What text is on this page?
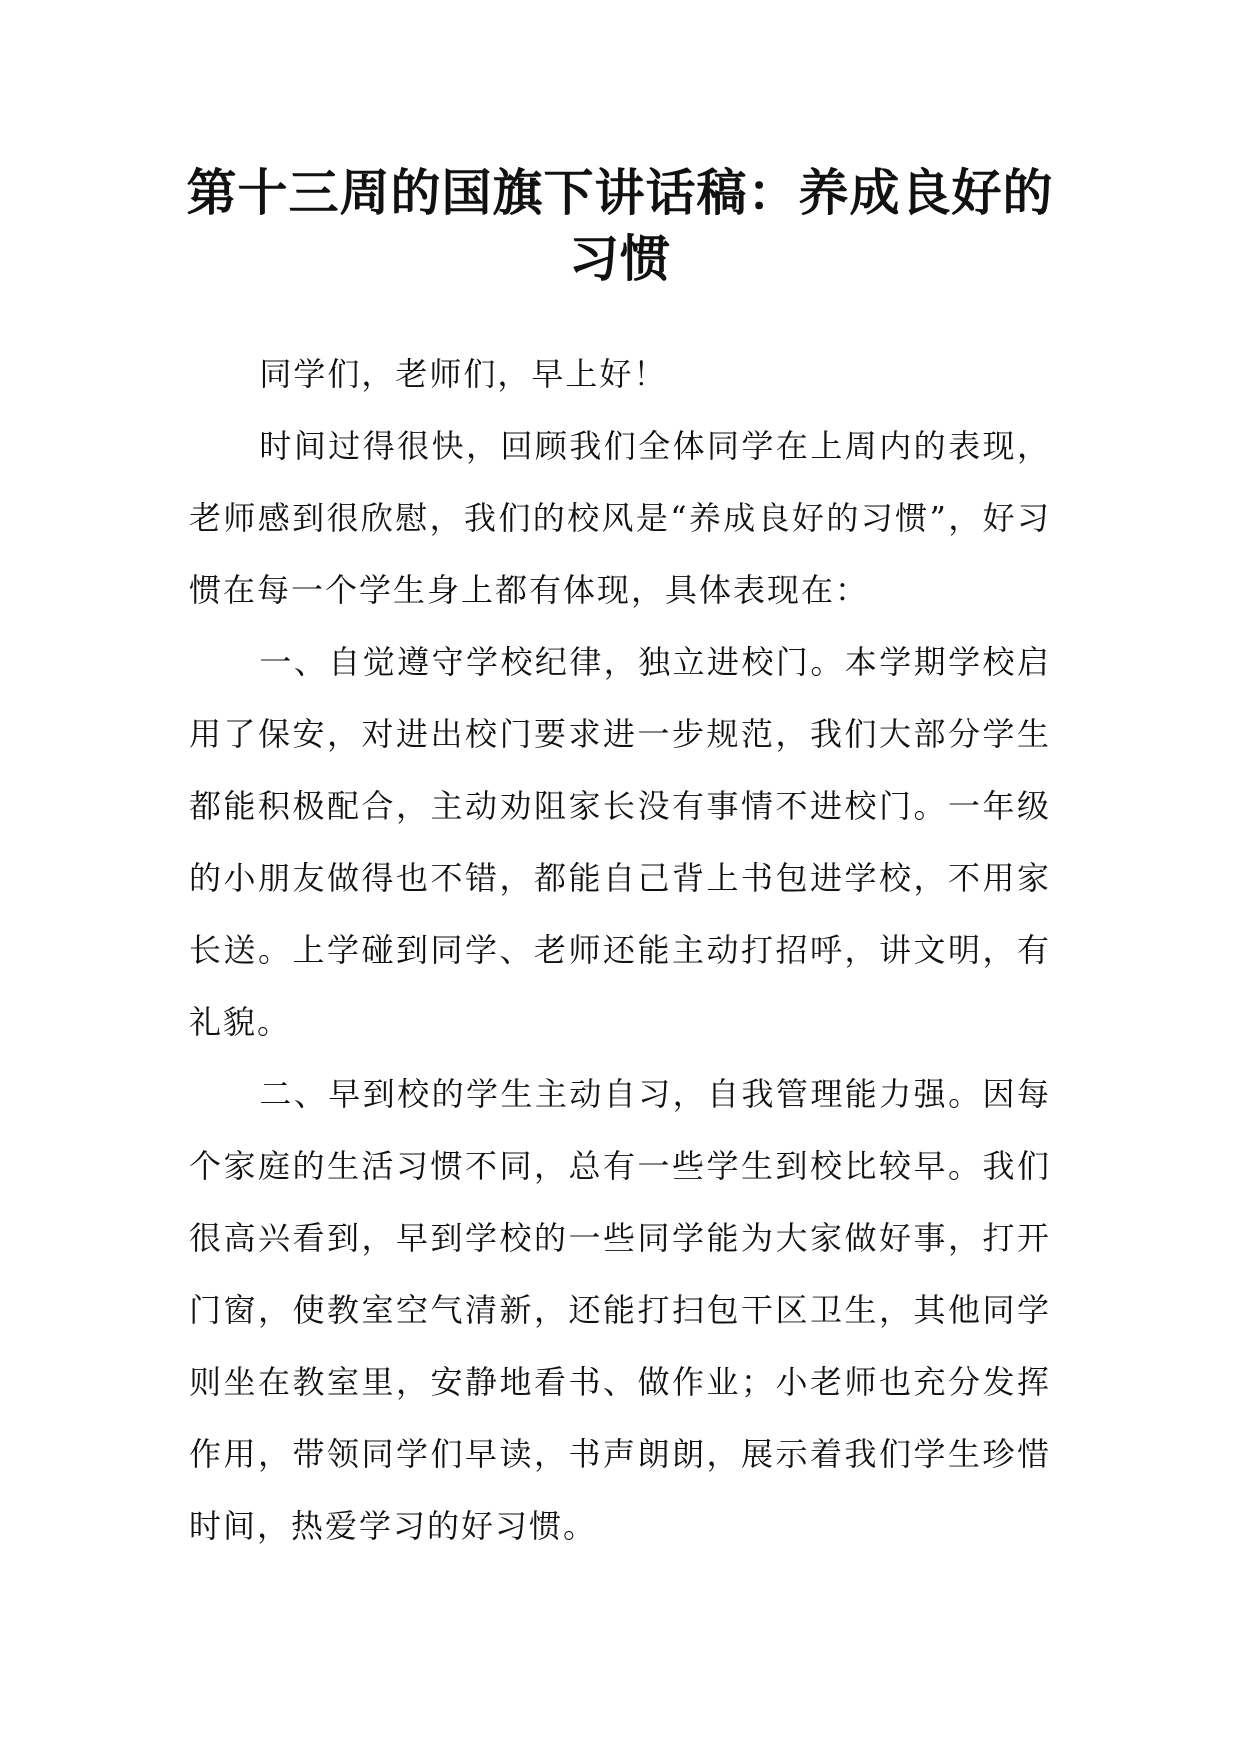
第十三周的国旗下讲话稿：养成良好的
习惯

同学们，老师们，早上好！

时间过得很快，回顾我们全体同学在上周内的表现，老师感到很欣慰，我们的校风是“养成良好的习惯”，好习惯在每一个学生身上都有体现，具体表现在：

一、自觉遵守学校纪律，独立进校门。本学期学校启用了保安，对进出校门要求进一步规范，我们大部分学生都能积极配合，主动劝阻家长没有事情不进校门。一年级的小朋友做得也不错，都能自己背上书包进学校，不用家长送。上学碰到同学、老师还能主动打招呼，讲文明，有礼貌。

二、早到校的学生主动自习，自我管理能力强。因每个家庭的生活习惯不同，总有一些学生到校比较早。我们很高兴看到，早到学校的一些同学能为大家做好事，打开门窗，使教室空气清新，还能打扫包干区卫生，其他同学则坐在教室里，安静地看书、做作业；小老师也充分发挥作用，带领同学们早读，书声朗朗，展示着我们学生珍惜时间，热爱学习的好习惯。
